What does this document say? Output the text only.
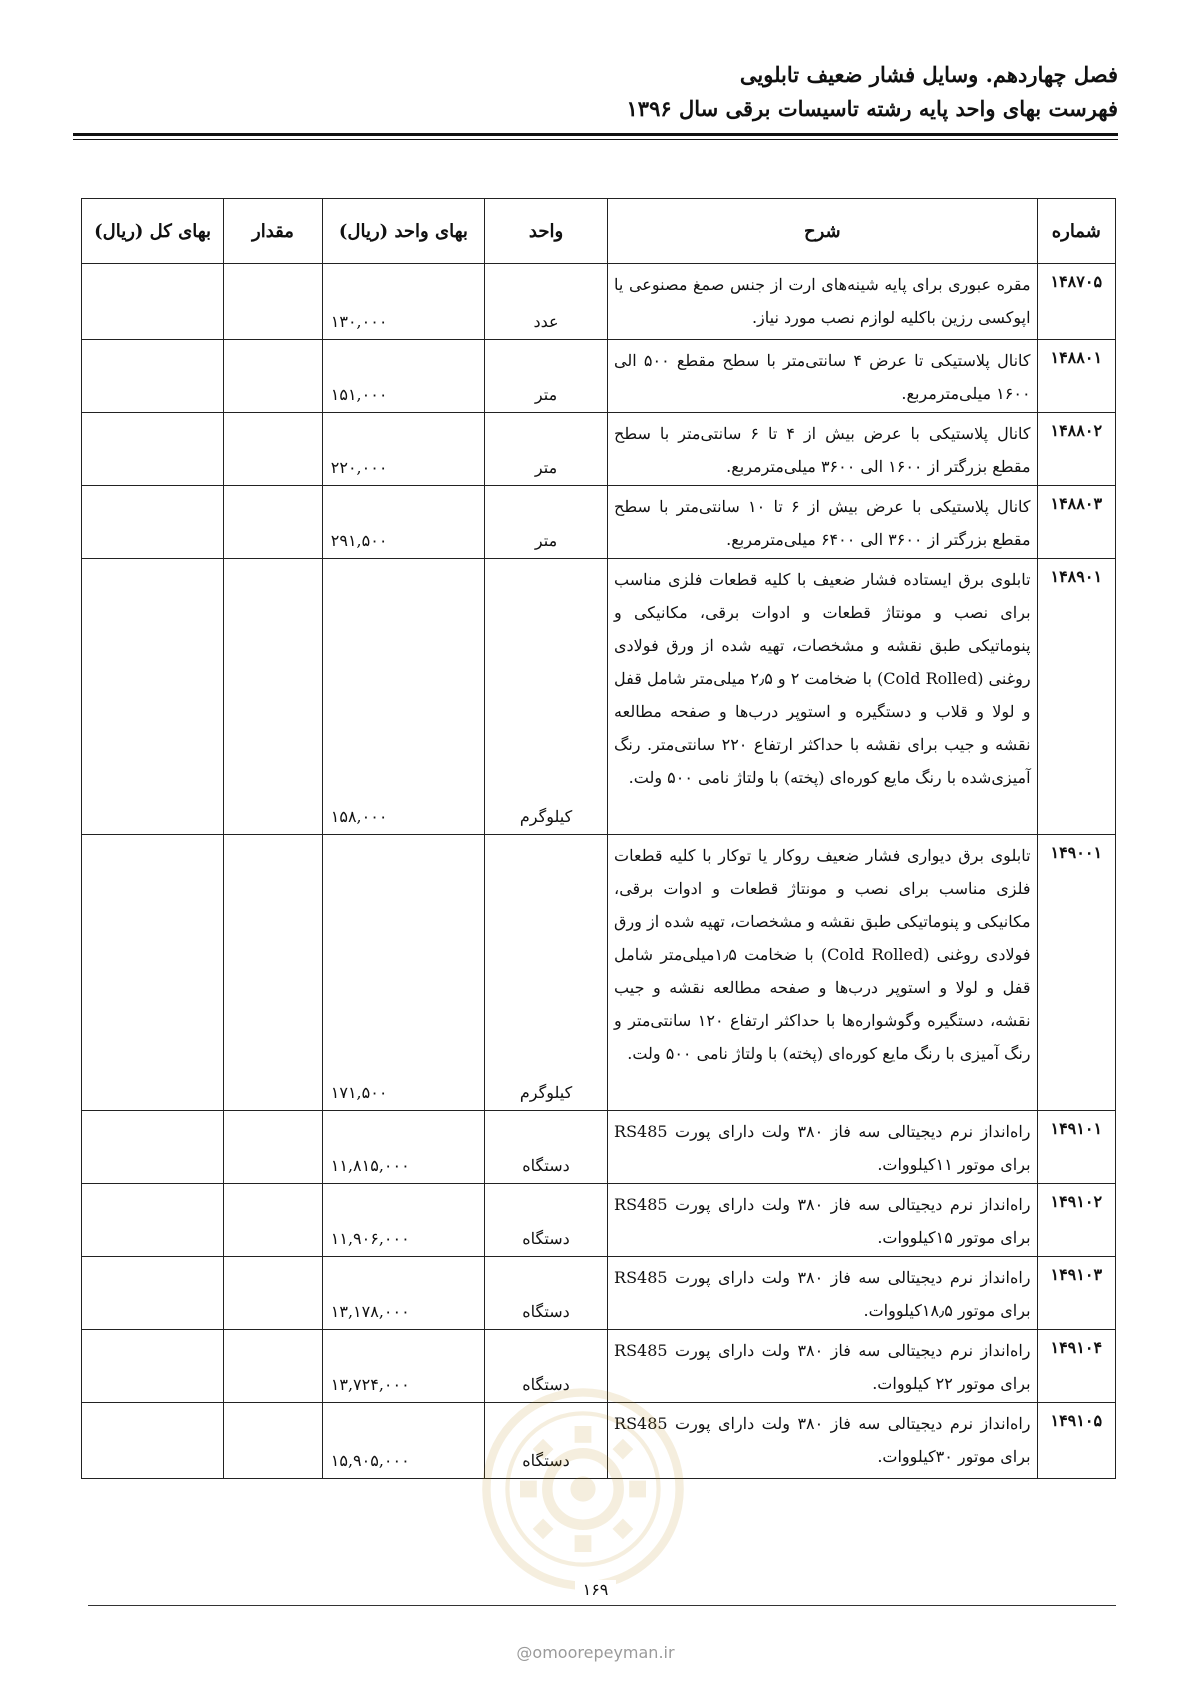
فصل چهاردهم. وسایل فشار ضعیف تابلویی
فهرست بهای واحد پایه رشته تاسیسات برقی سال ۱۳۹۶
شماره	شرح	واحد	بهای واحد (ریال)	مقدار	بهای کل (ریال)
۱۴۸۷۰۵	مقره عبوری برای پایه شینه‌های ارت از جنس صمغ مصنوعی یا اپوکسی رزین باکلیه لوازم نصب مورد نیاز.	عدد	۱۳۰,۰۰۰		
۱۴۸۸۰۱	کانال پلاستیکی تا عرض ۴ سانتی‌متر با سطح مقطع ۵۰۰ الی ۱۶۰۰ میلی‌مترمربع.	متر	۱۵۱,۰۰۰		
۱۴۸۸۰۲	کانال پلاستیکی با عرض بیش از ۴ تا ۶ سانتی‌متر با سطح مقطع بزرگتر از ۱۶۰۰ الی ۳۶۰۰ میلی‌مترمربع.	متر	۲۲۰,۰۰۰		
۱۴۸۸۰۳	کانال پلاستیکی با عرض بیش از ۶ تا ۱۰ سانتی‌متر با سطح مقطع بزرگتر از ۳۶۰۰ الی ۶۴۰۰ میلی‌مترمربع.	متر	۲۹۱,۵۰۰		
۱۴۸۹۰۱	تابلوی برق ایستاده فشار ضعیف با کلیه قطعات فلزی مناسب برای نصب و مونتاژ قطعات و ادوات برقی، مکانیکی و پنوماتیکی طبق نقشه و مشخصات، تهیه شده از ورق فولادی روغنی (Cold Rolled) با ضخامت ۲ و ۲٫۵ میلی‌متر شامل قفل و لولا و قلاب و دستگیره و استوپر درب‌ها و صفحه مطالعه نقشه و جیب برای نقشه با حداکثر ارتفاع ۲۲۰ سانتی‌متر. رنگ آمیزی‌شده با رنگ مایع کوره‌ای (پخته) با ولتاژ نامی ۵۰۰ ولت.	کیلوگرم	۱۵۸,۰۰۰		
۱۴۹۰۰۱	تابلوی برق دیواری فشار ضعیف روکار یا توکار با کلیه قطعات فلزی مناسب برای نصب و مونتاژ قطعات و ادوات برقی، مکانیکی و پنوماتیکی طبق نقشه و مشخصات، تهیه شده از ورق فولادی روغنی (Cold Rolled) با ضخامت ۱٫۵میلی‌متر شامل قفل و لولا و استوپر درب‌ها و صفحه مطالعه نقشه و جیب نقشه، دستگیره وگوشواره‌ها با حداکثر ارتفاع ۱۲۰ سانتی‌متر و رنگ آمیزی با رنگ مایع کوره‌ای (پخته) با ولتاژ نامی ۵۰۰ ولت.	کیلوگرم	۱۷۱,۵۰۰		
۱۴۹۱۰۱	راه‌انداز نرم دیجیتالی سه فاز ۳۸۰ ولت دارای پورت RS485 برای موتور ۱۱کیلووات.	دستگاه	۱۱,۸۱۵,۰۰۰		
۱۴۹۱۰۲	راه‌انداز نرم دیجیتالی سه فاز ۳۸۰ ولت دارای پورت RS485 برای موتور ۱۵کیلووات.	دستگاه	۱۱,۹۰۶,۰۰۰		
۱۴۹۱۰۳	راه‌انداز نرم دیجیتالی سه فاز ۳۸۰ ولت دارای پورت RS485 برای موتور ۱۸٫۵کیلووات.	دستگاه	۱۳,۱۷۸,۰۰۰		
۱۴۹۱۰۴	راه‌انداز نرم دیجیتالی سه فاز ۳۸۰ ولت دارای پورت RS485 برای موتور ۲۲ کیلووات.	دستگاه	۱۳,۷۲۴,۰۰۰		
۱۴۹۱۰۵	راه‌انداز نرم دیجیتالی سه فاز ۳۸۰ ولت دارای پورت RS485 برای موتور ۳۰کیلووات.	دستگاه	۱۵,۹۰۵,۰۰۰		
۱۶۹
@omoorepeyman.ir
